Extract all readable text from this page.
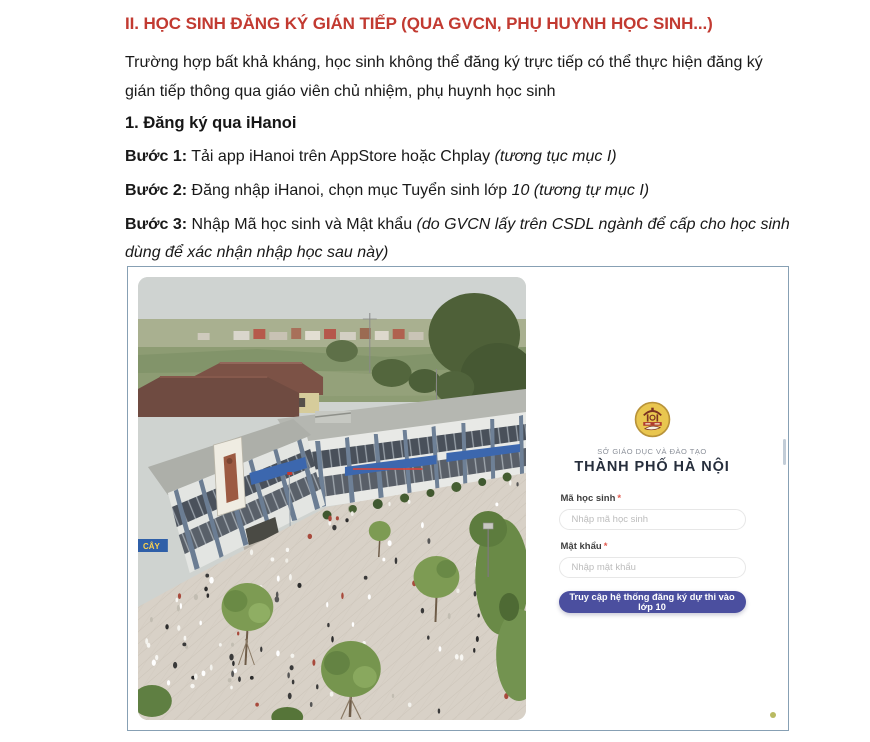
II. HỌC SINH ĐĂNG KÝ GIÁN TIẾP (QUA GVCN, PHỤ HUYNH HỌC SINH...)

Trường hợp bất khả kháng, học sinh không thể đăng ký trực tiếp có thể thực hiện đăng ký gián tiếp thông qua giáo viên chủ nhiệm, phụ huynh học sinh

1. Đăng ký qua iHanoi

Bước 1: Tải app iHanoi trên AppStore hoặc Chplay (tương tục mục I)

Bước 2: Đăng nhập iHanoi, chọn mục Tuyển sinh lớp 10 (tương tự mục I)

Bước 3: Nhập Mã học sinh và Mật khẩu (do GVCN lấy trên CSDL ngành để cấp cho học sinh dùng để xác nhận nhập học sau này)

CÂY
SỞ GIÁO DỤC VÀ ĐÀO TẠO
THÀNH PHỐ HÀ NỘI
Mã học sinh *
Nhập mã học sinh
Mật khẩu *
Nhập mật khẩu
Truy cập hệ thống đăng ký dự thi vào lớp 10
